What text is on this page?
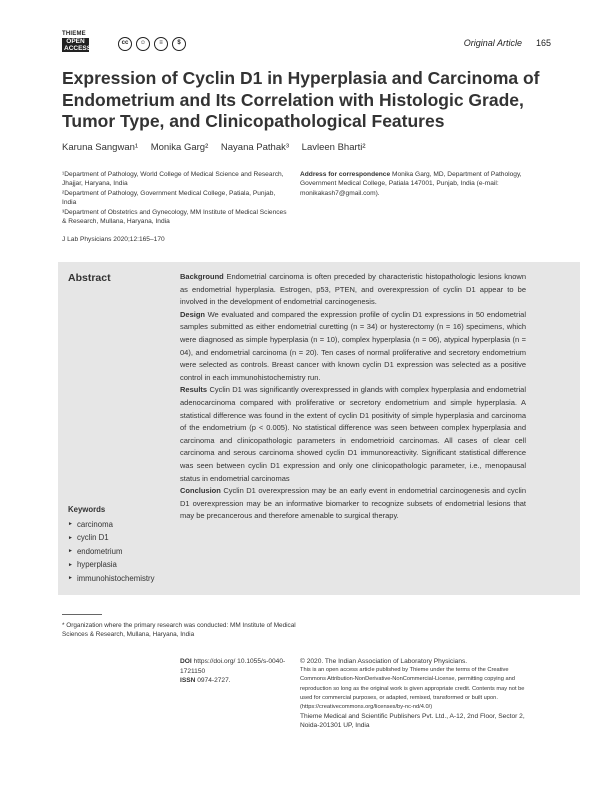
THIEME
OPEN
ACCESS
cc	☺	≡	$	Original Article 165
Expression of Cyclin D1 in Hyperplasia and Carcinoma of Endometrium and Its Correlation with Histologic Grade, Tumor Type, and Clinicopathological Features
Karuna Sangwan¹ Monika Garg² Nayana Pathak³ Lavleen Bharti²

¹Department of Pathology, World College of Medical Science and Research, Jhajjar, Haryana, India

²Department of Pathology, Government Medical College, Patiala, Punjab, India

³Department of Obstetrics and Gynecology, MM Institute of Medical Sciences & Research, Mullana, Haryana, India

Address for correspondence Monika Garg, MD, Department of Pathology, Government Medical College, Patiala 147001, Punjab, India (e-mail: monikakash7@gmail.com).
J Lab Physicians 2020;12:165–170
Abstract	Background Endometrial carcinoma is often preceded by characteristic histopathologic lesions known as endometrial hyperplasia. Estrogen, p53, PTEN, and overexpression of cyclin D1 appear to be involved in the development of endometrial carcinogenesis.

Design We evaluated and compared the expression profile of cyclin D1 expressions in 50 endometrial samples submitted as either endometrial curetting (n = 34) or hysterectomy (n = 16) specimens, which were diagnosed as simple hyperplasia (n = 10), complex hyperplasia (n = 06), atypical hyperplasia (n = 04), and endometrial carcinoma (n = 20). Ten cases of normal proliferative and secretory endometrium were selected as controls. Breast cancer with known cyclin D1 expression was selected as a positive control in each immunohistochemistry run.

Results Cyclin D1 was significantly overexpressed in glands with complex hyperplasia and endometrial adenocarcinoma compared with proliferative or secretory endometrium and simple hyperplasia. A statistical difference was found in the extent of cyclin D1 positivity of simple hyperplasia and carcinoma of the endometrium (p < 0.005). No statistical difference was seen between complex hyperplasia and carcinoma and clinicopathologic parameters in endometrioid carcinomas. All cases of clear cell carcinoma and serous carcinoma showed cyclin D1 immunoreactivity. Significant statistical difference was seen between cyclin D1 expression and only one clinicopathologic parameter, i.e., menopausal status in endometrial carcinomas

Conclusion Cyclin D1 overexpression may be an early event in endometrial carcinogenesis and cyclin D1 overexpression may be an informative biomarker to recognize subsets of endometrial lesions that may be precancerous and therefore amenable to surgical therapy.

Keywords
► carcinoma
► cyclin D1
► endometrium
► hyperplasia
► immunohistochemistry
* Organization where the primary research was conducted: MM Institute of Medical Sciences & Research, Mullana, Haryana, India
DOI https://doi.org/ 10.1055/s-0040-1721150
ISSN 0974-2727.
© 2020. The Indian Association of Laboratory Physicians.
This is an open access article published by Thieme under the terms of the Creative Commons Attribution-NonDerivative-NonCommercial-License, permitting copying and reproduction so long as the original work is given appropriate credit. Contents may not be used for commercial purposes, or adapted, remixed, transformed or built upon. (https://creativecommons.org/licenses/by-nc-nd/4.0/)
Thieme Medical and Scientific Publishers Pvt. Ltd., A-12, 2nd Floor, Sector 2, Noida-201301 UP, India
